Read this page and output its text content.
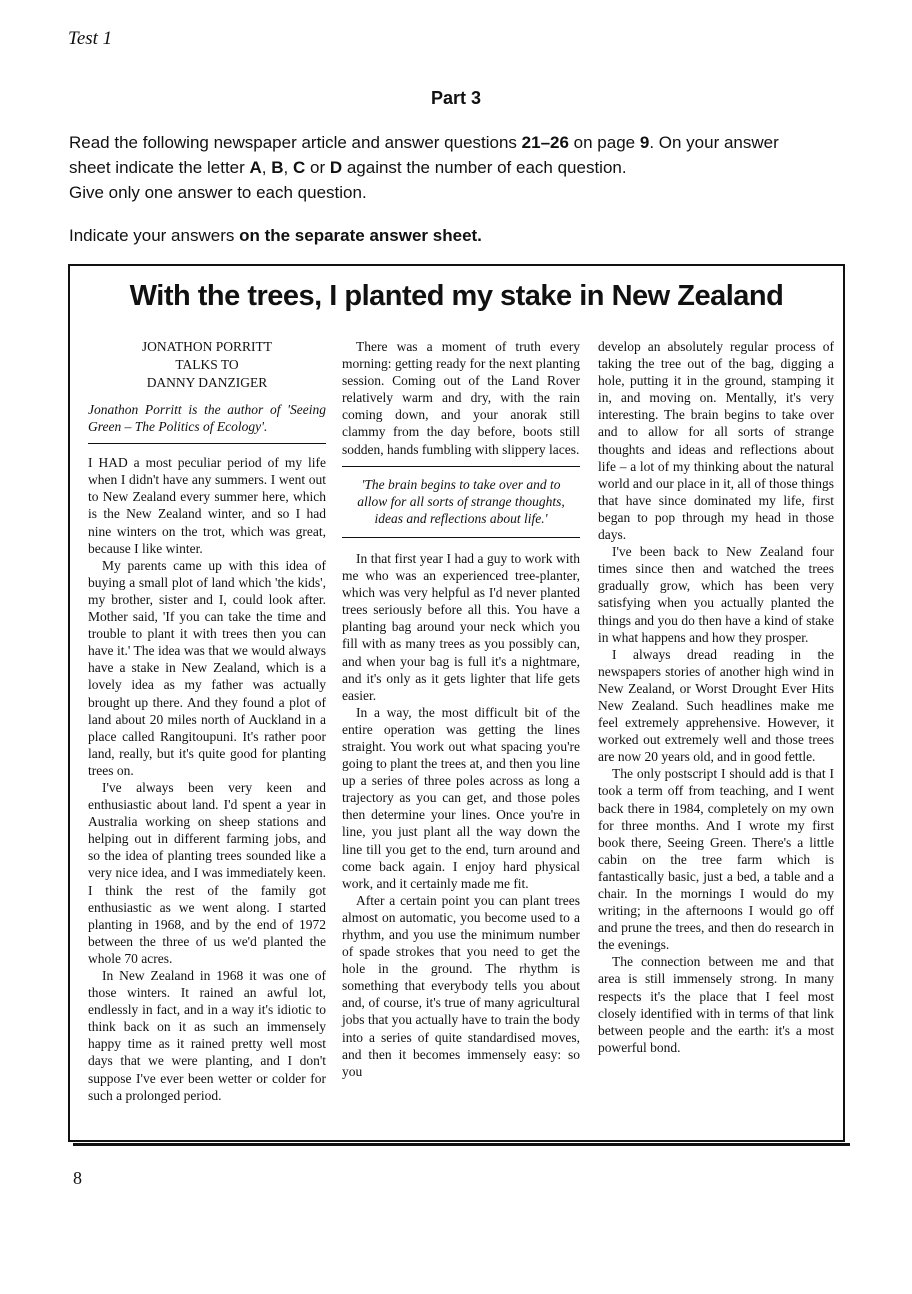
Test 1
Part 3
Read the following newspaper article and answer questions 21–26 on page 9. On your answer
sheet indicate the letter A, B, C or D against the number of each question.
Give only one answer to each question.
Indicate your answers on the separate answer sheet.
With the trees, I planted my stake in New Zealand
JONATHON PORRITT
TALKS TO
DANNY DANZIGER
Jonathon Porritt is the author of 'Seeing Green – The Politics of Ecology'.

I HAD a most peculiar period of my life when I didn't have any summers. I went out to New Zealand every summer here, which is the New Zealand winter, and so I had nine winters on the trot, which was great, because I like winter.

My parents came up with this idea of buying a small plot of land which 'the kids', my brother, sister and I, could look after. Mother said, 'If you can take the time and trouble to plant it with trees then you can have it.' The idea was that we would always have a stake in New Zealand, which is a lovely idea as my father was actually brought up there. And they found a plot of land about 20 miles north of Auckland in a place called Rangitoupuni. It's rather poor land, really, but it's quite good for planting trees on.

I've always been very keen and enthusiastic about land. I'd spent a year in Australia working on sheep stations and helping out in different farming jobs, and so the idea of planting trees sounded like a very nice idea, and I was immediately keen. I think the rest of the family got enthusiastic as we went along. I started planting in 1968, and by the end of 1972 between the three of us we'd planted the whole 70 acres.

In New Zealand in 1968 it was one of those winters. It rained an awful lot, endlessly in fact, and in a way it's idiotic to think back on it as such an immensely happy time as it rained pretty well most days that we were planting, and I don't suppose I've ever been wetter or colder for such a prolonged period.

There was a moment of truth every morning: getting ready for the next planting session. Coming out of the Land Rover relatively warm and dry, with the rain coming down, and your anorak still clammy from the day before, boots still sodden, hands fumbling with slippery laces.

'The brain begins to take over and to allow for all sorts of strange thoughts, ideas and reflections about life.'

In that first year I had a guy to work with me who was an experienced tree-planter, which was very helpful as I'd never planted trees seriously before all this. You have a planting bag around your neck which you fill with as many trees as you possibly can, and when your bag is full it's a nightmare, and it's only as it gets lighter that life gets easier.

In a way, the most difficult bit of the entire operation was getting the lines straight. You work out what spacing you're going to plant the trees at, and then you line up a series of three poles across as long a trajectory as you can get, and those poles then determine your lines. Once you're in line, you just plant all the way down the line till you get to the end, turn around and come back again. I enjoy hard physical work, and it certainly made me fit.

After a certain point you can plant trees almost on automatic, you become used to a rhythm, and you use the minimum number of spade strokes that you need to get the hole in the ground. The rhythm is something that everybody tells you about and, of course, it's true of many agricultural jobs that you actually have to train the body into a series of quite standardised moves, and then it becomes immensely easy: so you

develop an absolutely regular process of taking the tree out of the bag, digging a hole, putting it in the ground, stamping it in, and moving on. Mentally, it's very interesting. The brain begins to take over and to allow for all sorts of strange thoughts and ideas and reflections about life – a lot of my thinking about the natural world and our place in it, all of those things that have since dominated my life, first began to pop through my head in those days.

I've been back to New Zealand four times since then and watched the trees gradually grow, which has been very satisfying when you actually planted the things and you do then have a kind of stake in what happens and how they prosper.

I always dread reading in the newspapers stories of another high wind in New Zealand, or Worst Drought Ever Hits New Zealand. Such headlines make me feel extremely apprehensive. However, it worked out extremely well and those trees are now 20 years old, and in good fettle.

The only postscript I should add is that I took a term off from teaching, and I went back there in 1984, completely on my own for three months. And I wrote my first book there, Seeing Green. There's a little cabin on the tree farm which is fantastically basic, just a bed, a table and a chair. In the mornings I would do my writing; in the afternoons I would go off and prune the trees, and then do research in the evenings.

The connection between me and that area is still immensely strong. In many respects it's the place that I feel most closely identified with in terms of that link between people and the earth: it's a most powerful bond.

8
